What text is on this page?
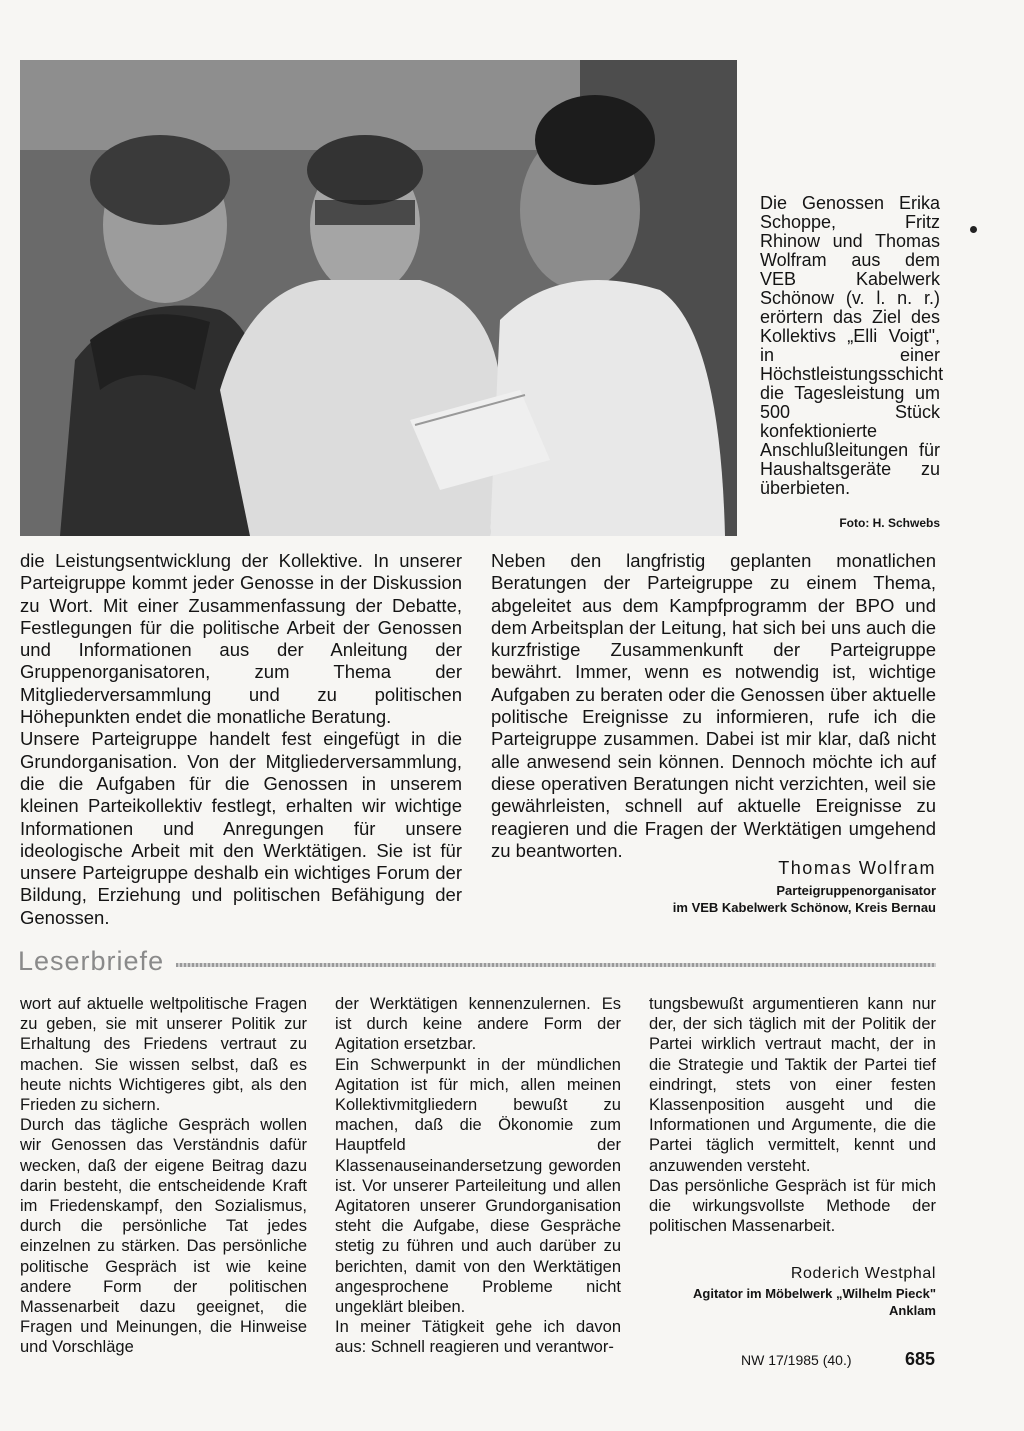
Die Genossen Erika Schoppe, Fritz Rhinow und Thomas Wolfram aus dem VEB Kabelwerk Schönow (v. l. n. r.) erörtern das Ziel des Kollektivs „Elli Voigt", in einer Höchstleistungsschicht die Tagesleistung um 500 Stück konfektionierte Anschlußleitungen für Haushaltsgeräte zu überbieten.

Foto: H. Schwebs

die Leistungsentwicklung der Kollektive. In unserer Parteigruppe kommt jeder Genosse in der Diskussion zu Wort. Mit einer Zusammenfassung der Debatte, Festlegungen für die politische Arbeit der Genossen und Informationen aus der Anleitung der Gruppenorganisatoren, zum Thema der Mitgliederversammlung und zu politischen Höhepunkten endet die monatliche Beratung.

Unsere Parteigruppe handelt fest eingefügt in die Grundorganisation. Von der Mitgliederversammlung, die die Aufgaben für die Genossen in unserem kleinen Parteikollektiv festlegt, erhalten wir wichtige Informationen und Anregungen für unsere ideologische Arbeit mit den Werktätigen. Sie ist für unsere Parteigruppe deshalb ein wichtiges Forum der Bildung, Erziehung und politischen Befähigung der Genossen.

Neben den langfristig geplanten monatlichen Beratungen der Parteigruppe zu einem Thema, abgeleitet aus dem Kampfprogramm der BPO und dem Arbeitsplan der Leitung, hat sich bei uns auch die kurzfristige Zusammenkunft der Parteigruppe bewährt. Immer, wenn es notwendig ist, wichtige Aufgaben zu beraten oder die Genossen über aktuelle politische Ereignisse zu informieren, rufe ich die Parteigruppe zusammen. Dabei ist mir klar, daß nicht alle anwesend sein können. Dennoch möchte ich auf diese operativen Beratungen nicht verzichten, weil sie gewährleisten, schnell auf aktuelle Ereignisse zu reagieren und die Fragen der Werktätigen umgehend zu beantworten.

Thomas Wolfram
Parteigruppenorganisator
im VEB Kabelwerk Schönow, Kreis Bernau
Leserbriefe

wort auf aktuelle weltpolitische Fragen zu geben, sie mit unserer Politik zur Erhaltung des Friedens vertraut zu machen. Sie wissen selbst, daß es heute nichts Wichtigeres gibt, als den Frieden zu sichern.

Durch das tägliche Gespräch wollen wir Genossen das Verständnis dafür wecken, daß der eigene Beitrag dazu darin besteht, die entscheidende Kraft im Friedenskampf, den Sozialismus, durch die persönliche Tat jedes einzelnen zu stärken. Das persönliche politische Gespräch ist wie keine andere Form der politischen Massenarbeit dazu geeignet, die Fragen und Meinungen, die Hinweise und Vorschläge

der Werktätigen kennenzulernen. Es ist durch keine andere Form der Agitation ersetzbar.

Ein Schwerpunkt in der mündlichen Agitation ist für mich, allen meinen Kollektivmitgliedern bewußt zu machen, daß die Ökonomie zum Hauptfeld der Klassenauseinandersetzung geworden ist. Vor unserer Parteileitung und allen Agitatoren unserer Grundorganisation steht die Aufgabe, diese Gespräche stetig zu führen und auch darüber zu berichten, damit von den Werktätigen angesprochene Probleme nicht ungeklärt bleiben.

In meiner Tätigkeit gehe ich davon aus: Schnell reagieren und verantwor-

tungsbewußt argumentieren kann nur der, der sich täglich mit der Politik der Partei wirklich vertraut macht, der in die Strategie und Taktik der Partei tief eindringt, stets von einer festen Klassenposition ausgeht und die Informationen und Argumente, die die Partei täglich vermittelt, kennt und anzuwenden versteht.

Das persönliche Gespräch ist für mich die wirkungsvollste Methode der politischen Massenarbeit.

Roderich Westphal
Agitator im Möbelwerk „Wilhelm Pieck"
Anklam
NW 17/1985 (40.)	685
